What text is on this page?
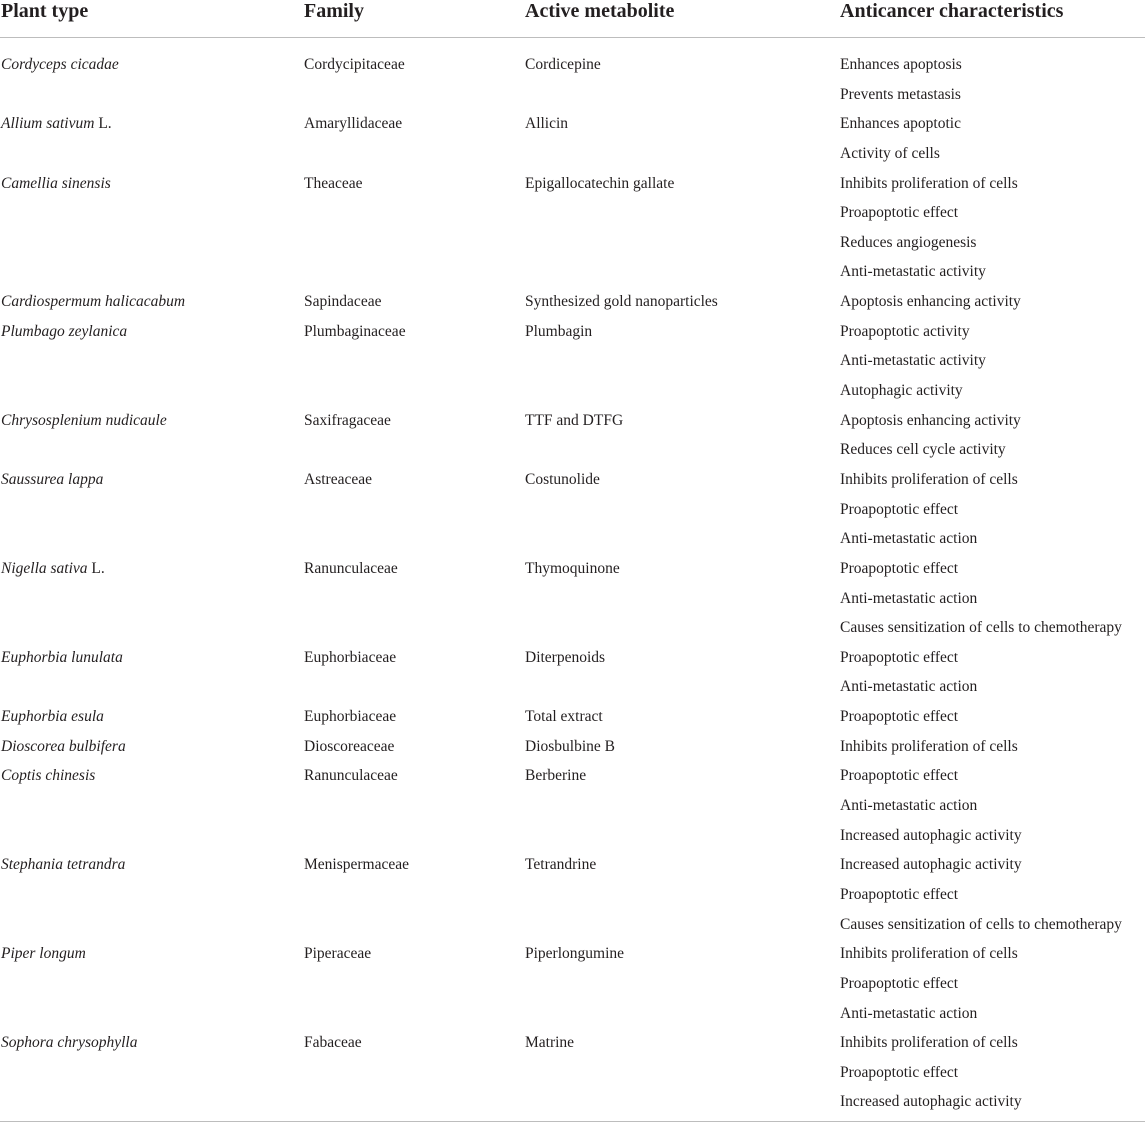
Plant type	Family	Active metabolite	Anticancer characteristics
Cordyceps cicadae	Cordycipitaceae	Cordicepine	Enhances apoptosis
Prevents metastasis

Allium sativum L.	Amaryllidaceae	Allicin	Enhances apoptotic
Activity of cells

Camellia sinensis	Theaceae	Epigallocatechin gallate	Inhibits proliferation of cells
Proapoptotic effect
Reduces angiogenesis
Anti-metastatic activity

Cardiospermum halicacabum	Sapindaceae	Synthesized gold nanoparticles	Apoptosis enhancing activity

Plumbago zeylanica	Plumbaginaceae	Plumbagin	Proapoptotic activity
Anti-metastatic activity
Autophagic activity

Chrysosplenium nudicaule	Saxifragaceae	TTF and DTFG	Apoptosis enhancing activity
Reduces cell cycle activity

Saussurea lappa	Astreaceae	Costunolide	Inhibits proliferation of cells
Proapoptotic effect
Anti-metastatic action

Nigella sativa L.	Ranunculaceae	Thymoquinone	Proapoptotic effect
Anti-metastatic action
Causes sensitization of cells to chemotherapy

Euphorbia lunulata	Euphorbiaceae	Diterpenoids	Proapoptotic effect
Anti-metastatic action

Euphorbia esula	Euphorbiaceae	Total extract	Proapoptotic effect

Dioscorea bulbifera	Dioscoreaceae	Diosbulbine B	Inhibits proliferation of cells

Coptis chinesis	Ranunculaceae	Berberine	Proapoptotic effect
Anti-metastatic action
Increased autophagic activity

Stephania tetrandra	Menispermaceae	Tetrandrine	Increased autophagic activity
Proapoptotic effect
Causes sensitization of cells to chemotherapy

Piper longum	Piperaceae	Piperlongumine	Inhibits proliferation of cells
Proapoptotic effect
Anti-metastatic action

Sophora chrysophylla	Fabaceae	Matrine	Inhibits proliferation of cells
Proapoptotic effect
Increased autophagic activity
